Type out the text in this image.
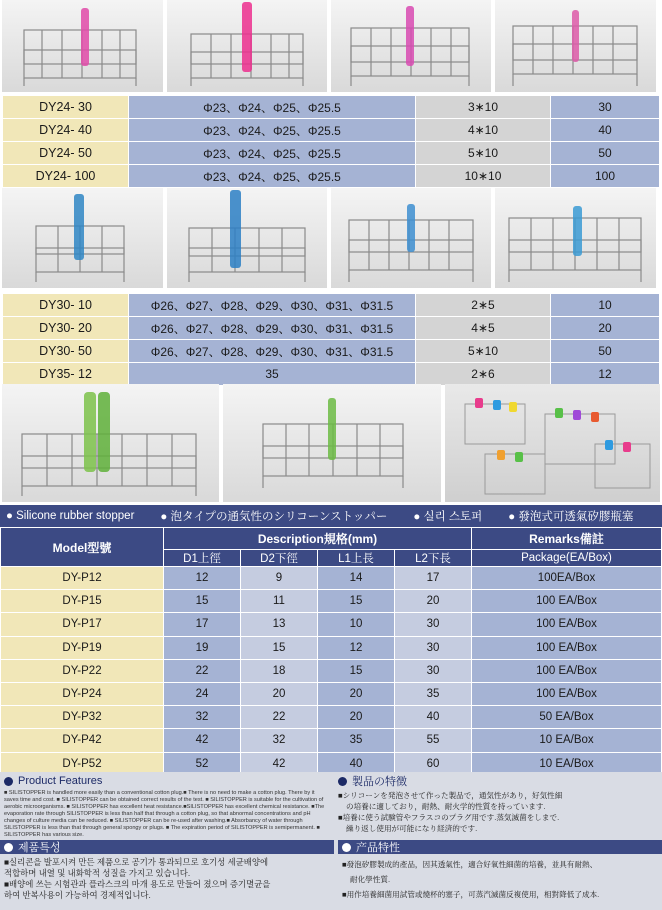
DY24- 30	Φ23、Φ24、Φ25、Φ25.5	3∗10	30
DY24- 40	Φ23、Φ24、Φ25、Φ25.5	4∗10	40
DY24- 50	Φ23、Φ24、Φ25、Φ25.5	5∗10	50
DY24- 100	Φ23、Φ24、Φ25、Φ25.5	10∗10	100
DY30- 10	Φ26、Φ27、Φ28、Φ29、Φ30、Φ31、Φ31.5	2∗5	10
DY30- 20	Φ26、Φ27、Φ28、Φ29、Φ30、Φ31、Φ31.5	4∗5	20
DY30- 50	Φ26、Φ27、Φ28、Φ29、Φ30、Φ31、Φ31.5	5∗10	50
DY35- 12	35	2∗6	12
● Silicone rubber stopper ● 泡タイプの通気性のシリコーンストッパー ● 실리 스토퍼 ● 發泡式可透氣矽膠瓶塞
Model型號	Description規格(mm)				Remarks備註
	D1上徑	D2下徑	L1上長	L2下長	Package(EA/Box)
DY-P12	12	9	14	17	100EA/Box
DY-P15	15	11	15	20	100 EA/Box
DY-P17	17	13	10	30	100 EA/Box
DY-P19	19	15	12	30	100 EA/Box
DY-P22	22	18	15	30	100 EA/Box
DY-P24	24	20	20	35	100 EA/Box
DY-P32	32	22	20	40	50 EA/Box
DY-P42	42	32	35	55	10 EA/Box
DY-P52	52	42	40	60	10 EA/Box
Product Features
■ SILISTOPPER is handled more easily than a conventional cotton plug.■ There is no need to make a cotton plug. There by it saves time and cost. ■ SILISTOPPER can be obtained correct results of the test. ■ SILISTOPPER is suitable for the cultivation of aerobic microorganisms. ■ SILISTOPPER has excellent heat resistance.■SILISTOPPER has excellent chemical resistance. ■The evaporation rate through SILISTOPPER is less than half that through a cotton plug, so that abnormal concentrations and pH changes of culture media can be reduced. ■ SILISTOPPER can be re-used after washing.■ Absorbancy of water through SILISTOPPER is less than that through general spongy or plugs. ■ The expiration period of SILISTOPPER is semipermanent. ■ SILISTOPPER has various size.
製品の特徴
■シリコーンを発泡させて作った製品で，通気性があり，好気性細
の培養に適しており，耐熱、耐火学的性質を持っています.
■培養に使う試験管やフラスコのプラグ用です.蒸気滅菌をしまで.
繰り返し使用が可能になり経済的です.
제품특성
■실리콘을 발포시켜 만든 제품으로 공기가 통과되므로 호기성 세균배양에
적합하며 내열 및 내화학적 성질을 가지고 있습니다.
■배양에 쓰는 시험관과 플라스크의 마개 용도로 만들어 졌으며 증기멸균을
하여 반복사용이 가능하여 경제적입니다.
产品特性
■發泡矽膠製成的產品，因其透氣性，適合好氧性細菌的培養，並具有耐熱、
耐化學性質.
■用作培養細菌用試管或燒杯的塞子，可蒸汽滅菌反複使用，相對降低了成本.
